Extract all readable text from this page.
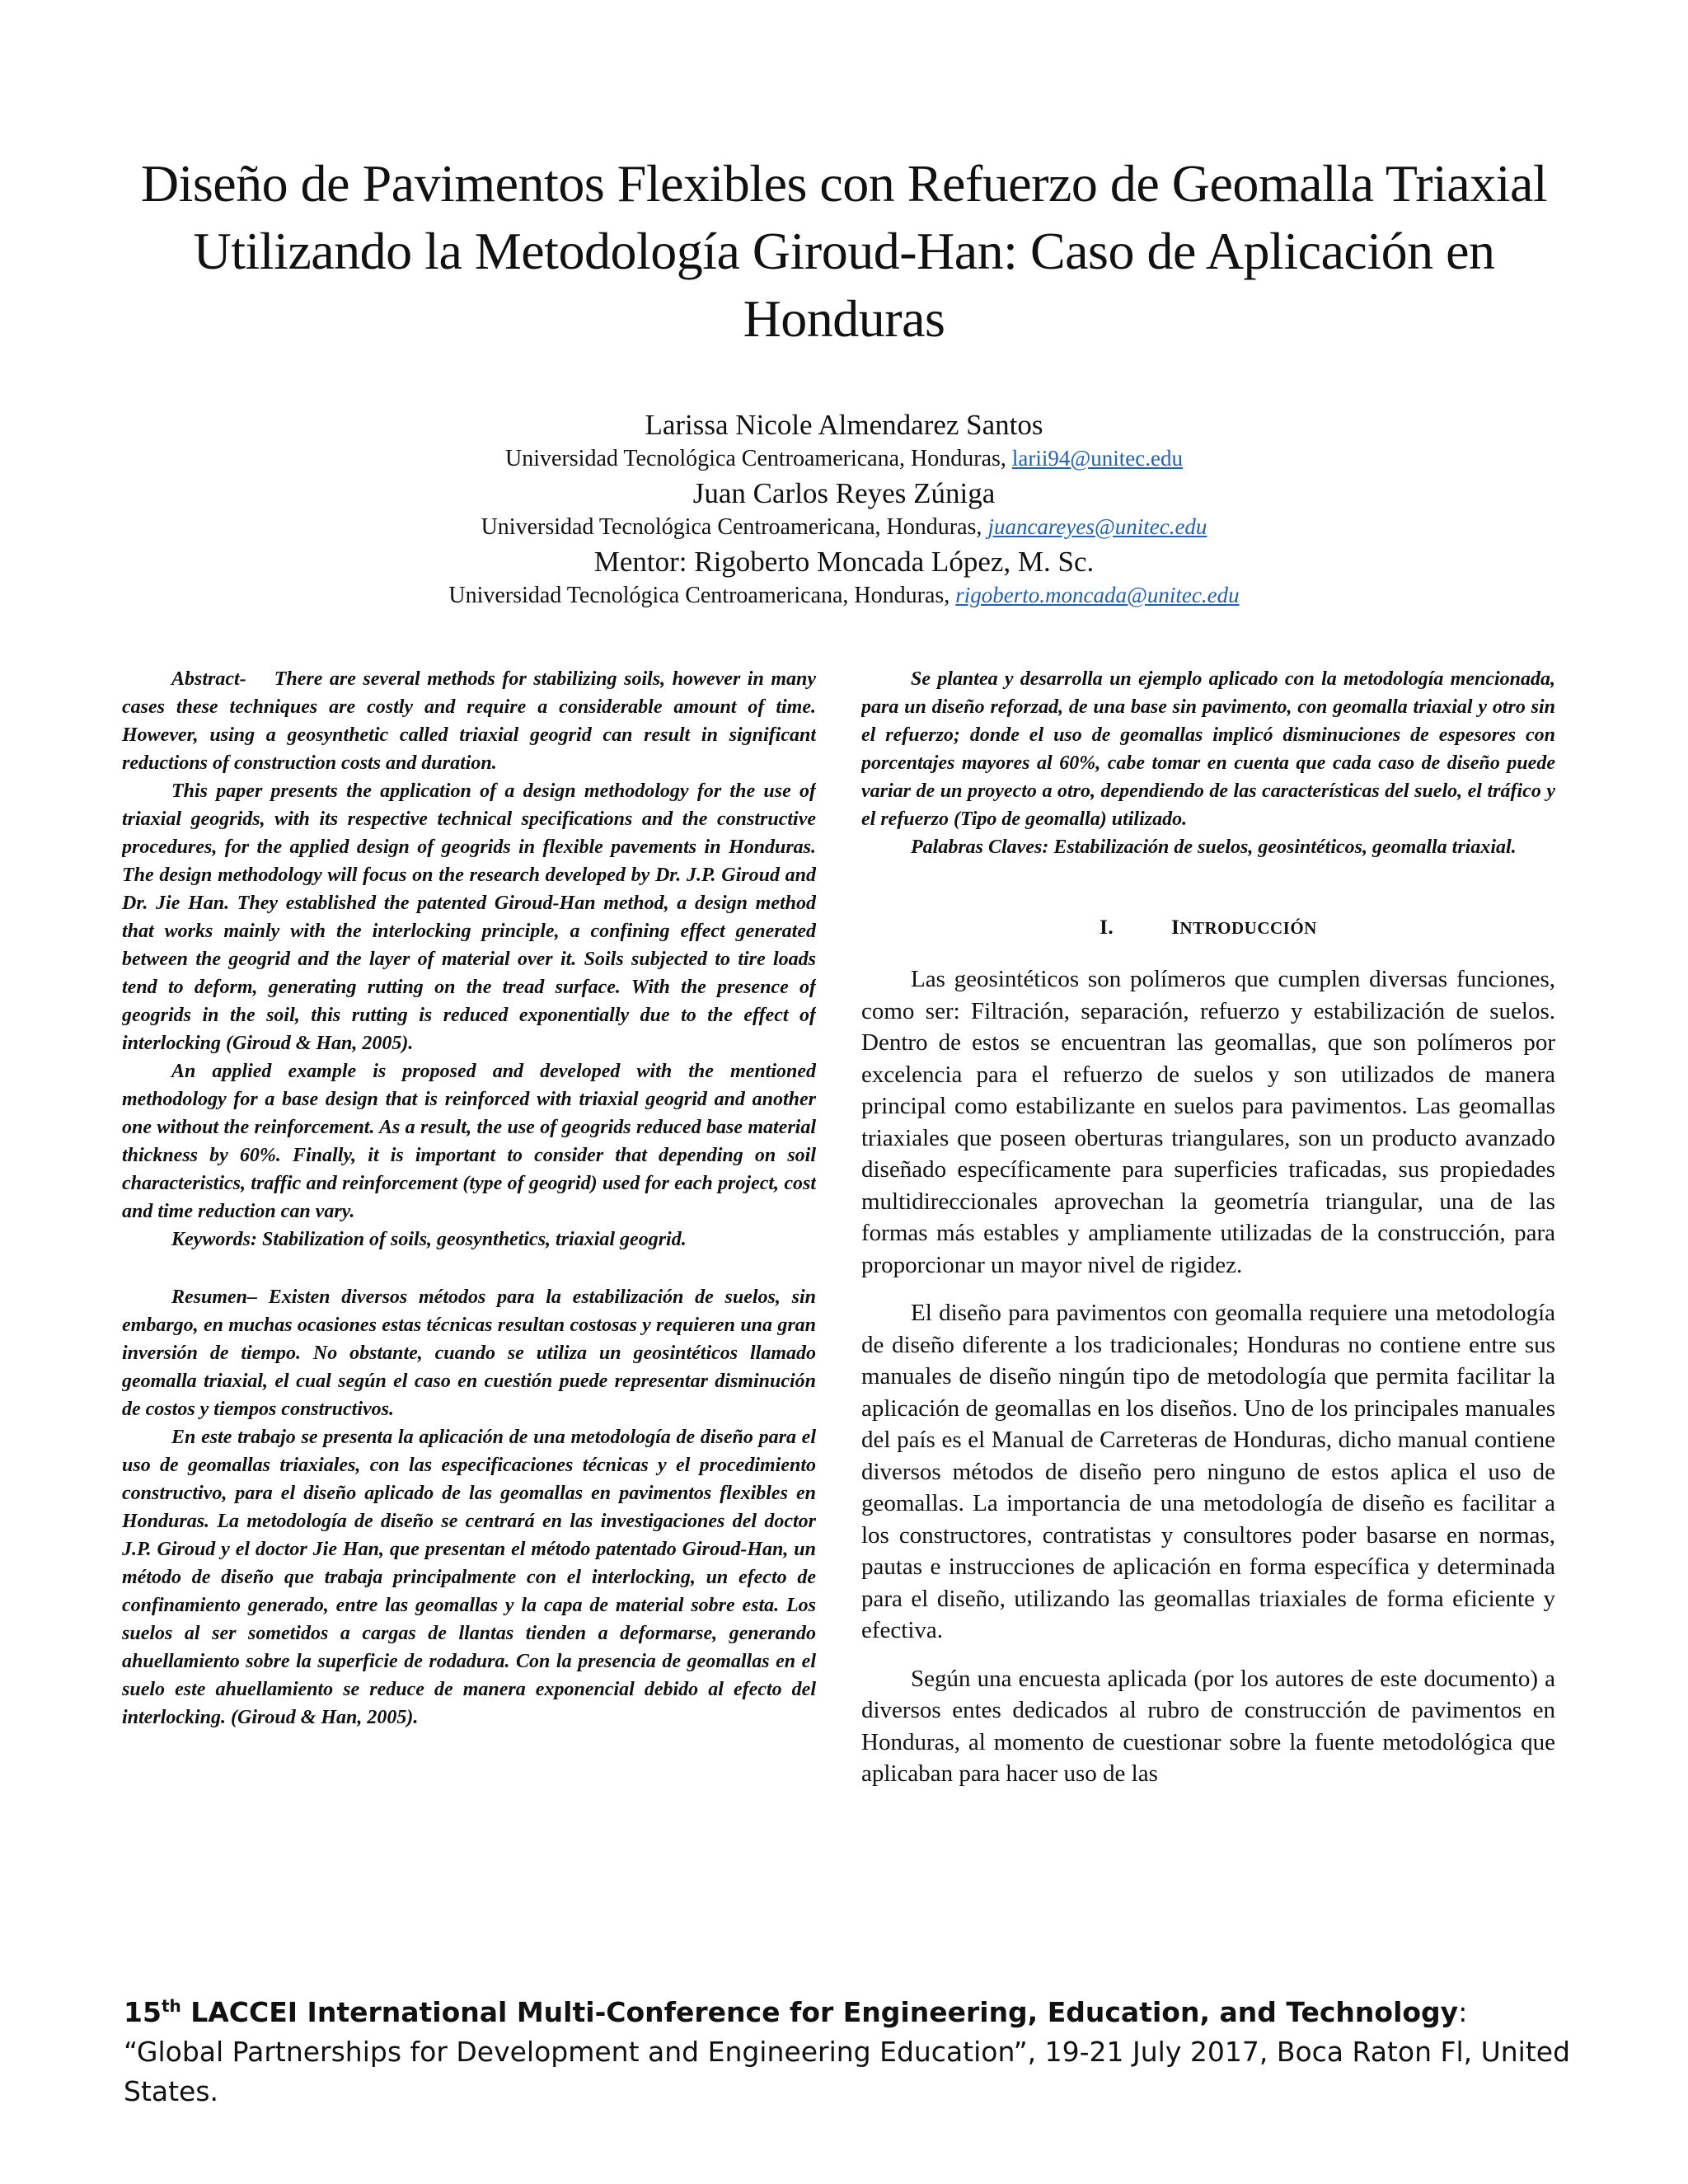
Diseño de Pavimentos Flexibles con Refuerzo de Geomalla Triaxial Utilizando la Metodología Giroud-Han: Caso de Aplicación en Honduras
Larissa Nicole Almendarez Santos
Universidad Tecnológica Centroamericana, Honduras, larii94@unitec.edu
Juan Carlos Reyes Zúniga
Universidad Tecnológica Centroamericana, Honduras, juancareyes@unitec.edu
Mentor: Rigoberto Moncada López, M. Sc.
Universidad Tecnológica Centroamericana, Honduras, rigoberto.moncada@unitec.edu

Abstract- There are several methods for stabilizing soils, however in many cases these techniques are costly and require a considerable amount of time. However, using a geosynthetic called triaxial geogrid can result in significant reductions of construction costs and duration.

This paper presents the application of a design methodology for the use of triaxial geogrids, with its respective technical specifications and the constructive procedures, for the applied design of geogrids in flexible pavements in Honduras. The design methodology will focus on the research developed by Dr. J.P. Giroud and Dr. Jie Han. They established the patented Giroud-Han method, a design method that works mainly with the interlocking principle, a confining effect generated between the geogrid and the layer of material over it. Soils subjected to tire loads tend to deform, generating rutting on the tread surface. With the presence of geogrids in the soil, this rutting is reduced exponentially due to the effect of interlocking (Giroud & Han, 2005).

An applied example is proposed and developed with the mentioned methodology for a base design that is reinforced with triaxial geogrid and another one without the reinforcement. As a result, the use of geogrids reduced base material thickness by 60%. Finally, it is important to consider that depending on soil characteristics, traffic and reinforcement (type of geogrid) used for each project, cost and time reduction can vary.

Keywords: Stabilization of soils, geosynthetics, triaxial geogrid.

Resumen– Existen diversos métodos para la estabilización de suelos, sin embargo, en muchas ocasiones estas técnicas resultan costosas y requieren una gran inversión de tiempo. No obstante, cuando se utiliza un geosintéticos llamado geomalla triaxial, el cual según el caso en cuestión puede representar disminución de costos y tiempos constructivos.

En este trabajo se presenta la aplicación de una metodología de diseño para el uso de geomallas triaxiales, con las especificaciones técnicas y el procedimiento constructivo, para el diseño aplicado de las geomallas en pavimentos flexibles en Honduras. La metodología de diseño se centrará en las investigaciones del doctor J.P. Giroud y el doctor Jie Han, que presentan el método patentado Giroud-Han, un método de diseño que trabaja principalmente con el interlocking, un efecto de confinamiento generado, entre las geomallas y la capa de material sobre esta. Los suelos al ser sometidos a cargas de llantas tienden a deformarse, generando ahuellamiento sobre la superficie de rodadura. Con la presencia de geomallas en el suelo este ahuellamiento se reduce de manera exponencial debido al efecto del interlocking. (Giroud & Han, 2005).

Se plantea y desarrolla un ejemplo aplicado con la metodología mencionada, para un diseño reforzad, de una base sin pavimento, con geomalla triaxial y otro sin el refuerzo; donde el uso de geomallas implicó disminuciones de espesores con porcentajes mayores al 60%, cabe tomar en cuenta que cada caso de diseño puede variar de un proyecto a otro, dependiendo de las características del suelo, el tráfico y el refuerzo (Tipo de geomalla) utilizado.

Palabras Claves: Estabilización de suelos, geosintéticos, geomalla triaxial.

I.	INTRODUCCIÓN

Las geosintéticos son polímeros que cumplen diversas funciones, como ser: Filtración, separación, refuerzo y estabilización de suelos. Dentro de estos se encuentran las geomallas, que son polímeros por excelencia para el refuerzo de suelos y son utilizados de manera principal como estabilizante en suelos para pavimentos. Las geomallas triaxiales que poseen oberturas triangulares, son un producto avanzado diseñado específicamente para superficies traficadas, sus propiedades multidireccionales aprovechan la geometría triangular, una de las formas más estables y ampliamente utilizadas de la construcción, para proporcionar un mayor nivel de rigidez.

El diseño para pavimentos con geomalla requiere una metodología de diseño diferente a los tradicionales; Honduras no contiene entre sus manuales de diseño ningún tipo de metodología que permita facilitar la aplicación de geomallas en los diseños. Uno de los principales manuales del país es el Manual de Carreteras de Honduras, dicho manual contiene diversos métodos de diseño pero ninguno de estos aplica el uso de geomallas. La importancia de una metodología de diseño es facilitar a los constructores, contratistas y consultores poder basarse en normas, pautas e instrucciones de aplicación en forma específica y determinada para el diseño, utilizando las geomallas triaxiales de forma eficiente y efectiva.

Según una encuesta aplicada (por los autores de este documento) a diversos entes dedicados al rubro de construcción de pavimentos en Honduras, al momento de cuestionar sobre la fuente metodológica que aplicaban para hacer uso de las

15th LACCEI International Multi-Conference for Engineering, Education, and Technology: “Global Partnerships for Development and Engineering Education”, 19-21 July 2017, Boca Raton Fl, United States.
